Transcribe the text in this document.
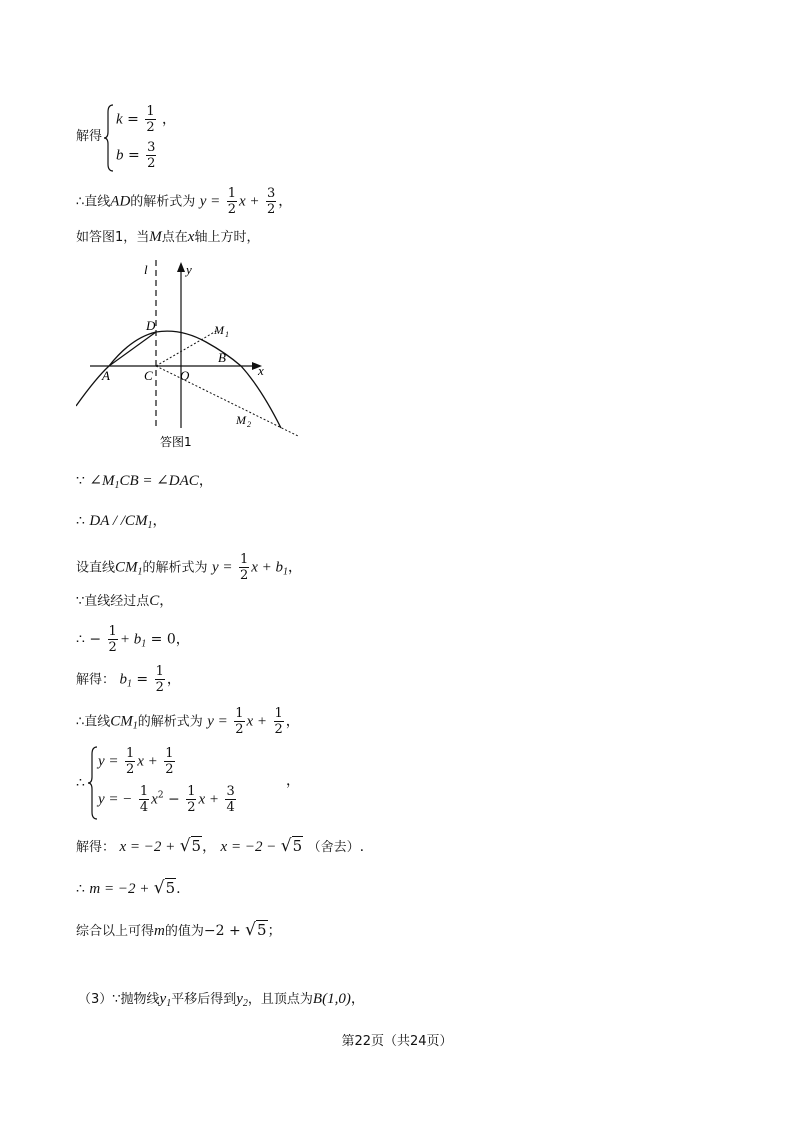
解得
$k = \frac{1}{2}$ ，
$b = \frac{3}{2}$
∴直线AD的解析式为 $y = \frac{1}{2}$ $x + \frac{3}{2}$ ，
如答图1，当M点在x轴上方时，
l	y
x
D	M 1
B
A	C O
M 2
答图1
∵ $\angle M_1CB$ = ∠DAC，
∴ DA / $/CM_1$，
设直线$CM_1$的解析式为 $y = \frac{1}{2}$ $x + b_1$，
∵直线经过点C，
∴ − $\frac{1}{2} + b_1 = 0$，
解得： $b_1 = \frac{1}{2}$ ，
∴直线$CM_1$的解析式为 $y = \frac{1}{2}$ $x + \frac{1}{2}$ ，
∴
$y = \frac{1}{2}$ $x + \frac{1}{2}$
y = − $\frac{1}{4} x^2 - \frac{1}{2}$ $x + \frac{3}{4}$
，
解得： x = −2 + √5， x = −2 − √5 （舍去）.
∴ m = −2 + √5.
综合以上可得m的值为−2 + √5；
（3）∵抛物线$y_1$平移后得到$y_2$，且顶点为B(1,0)，
第22页（共24页）
